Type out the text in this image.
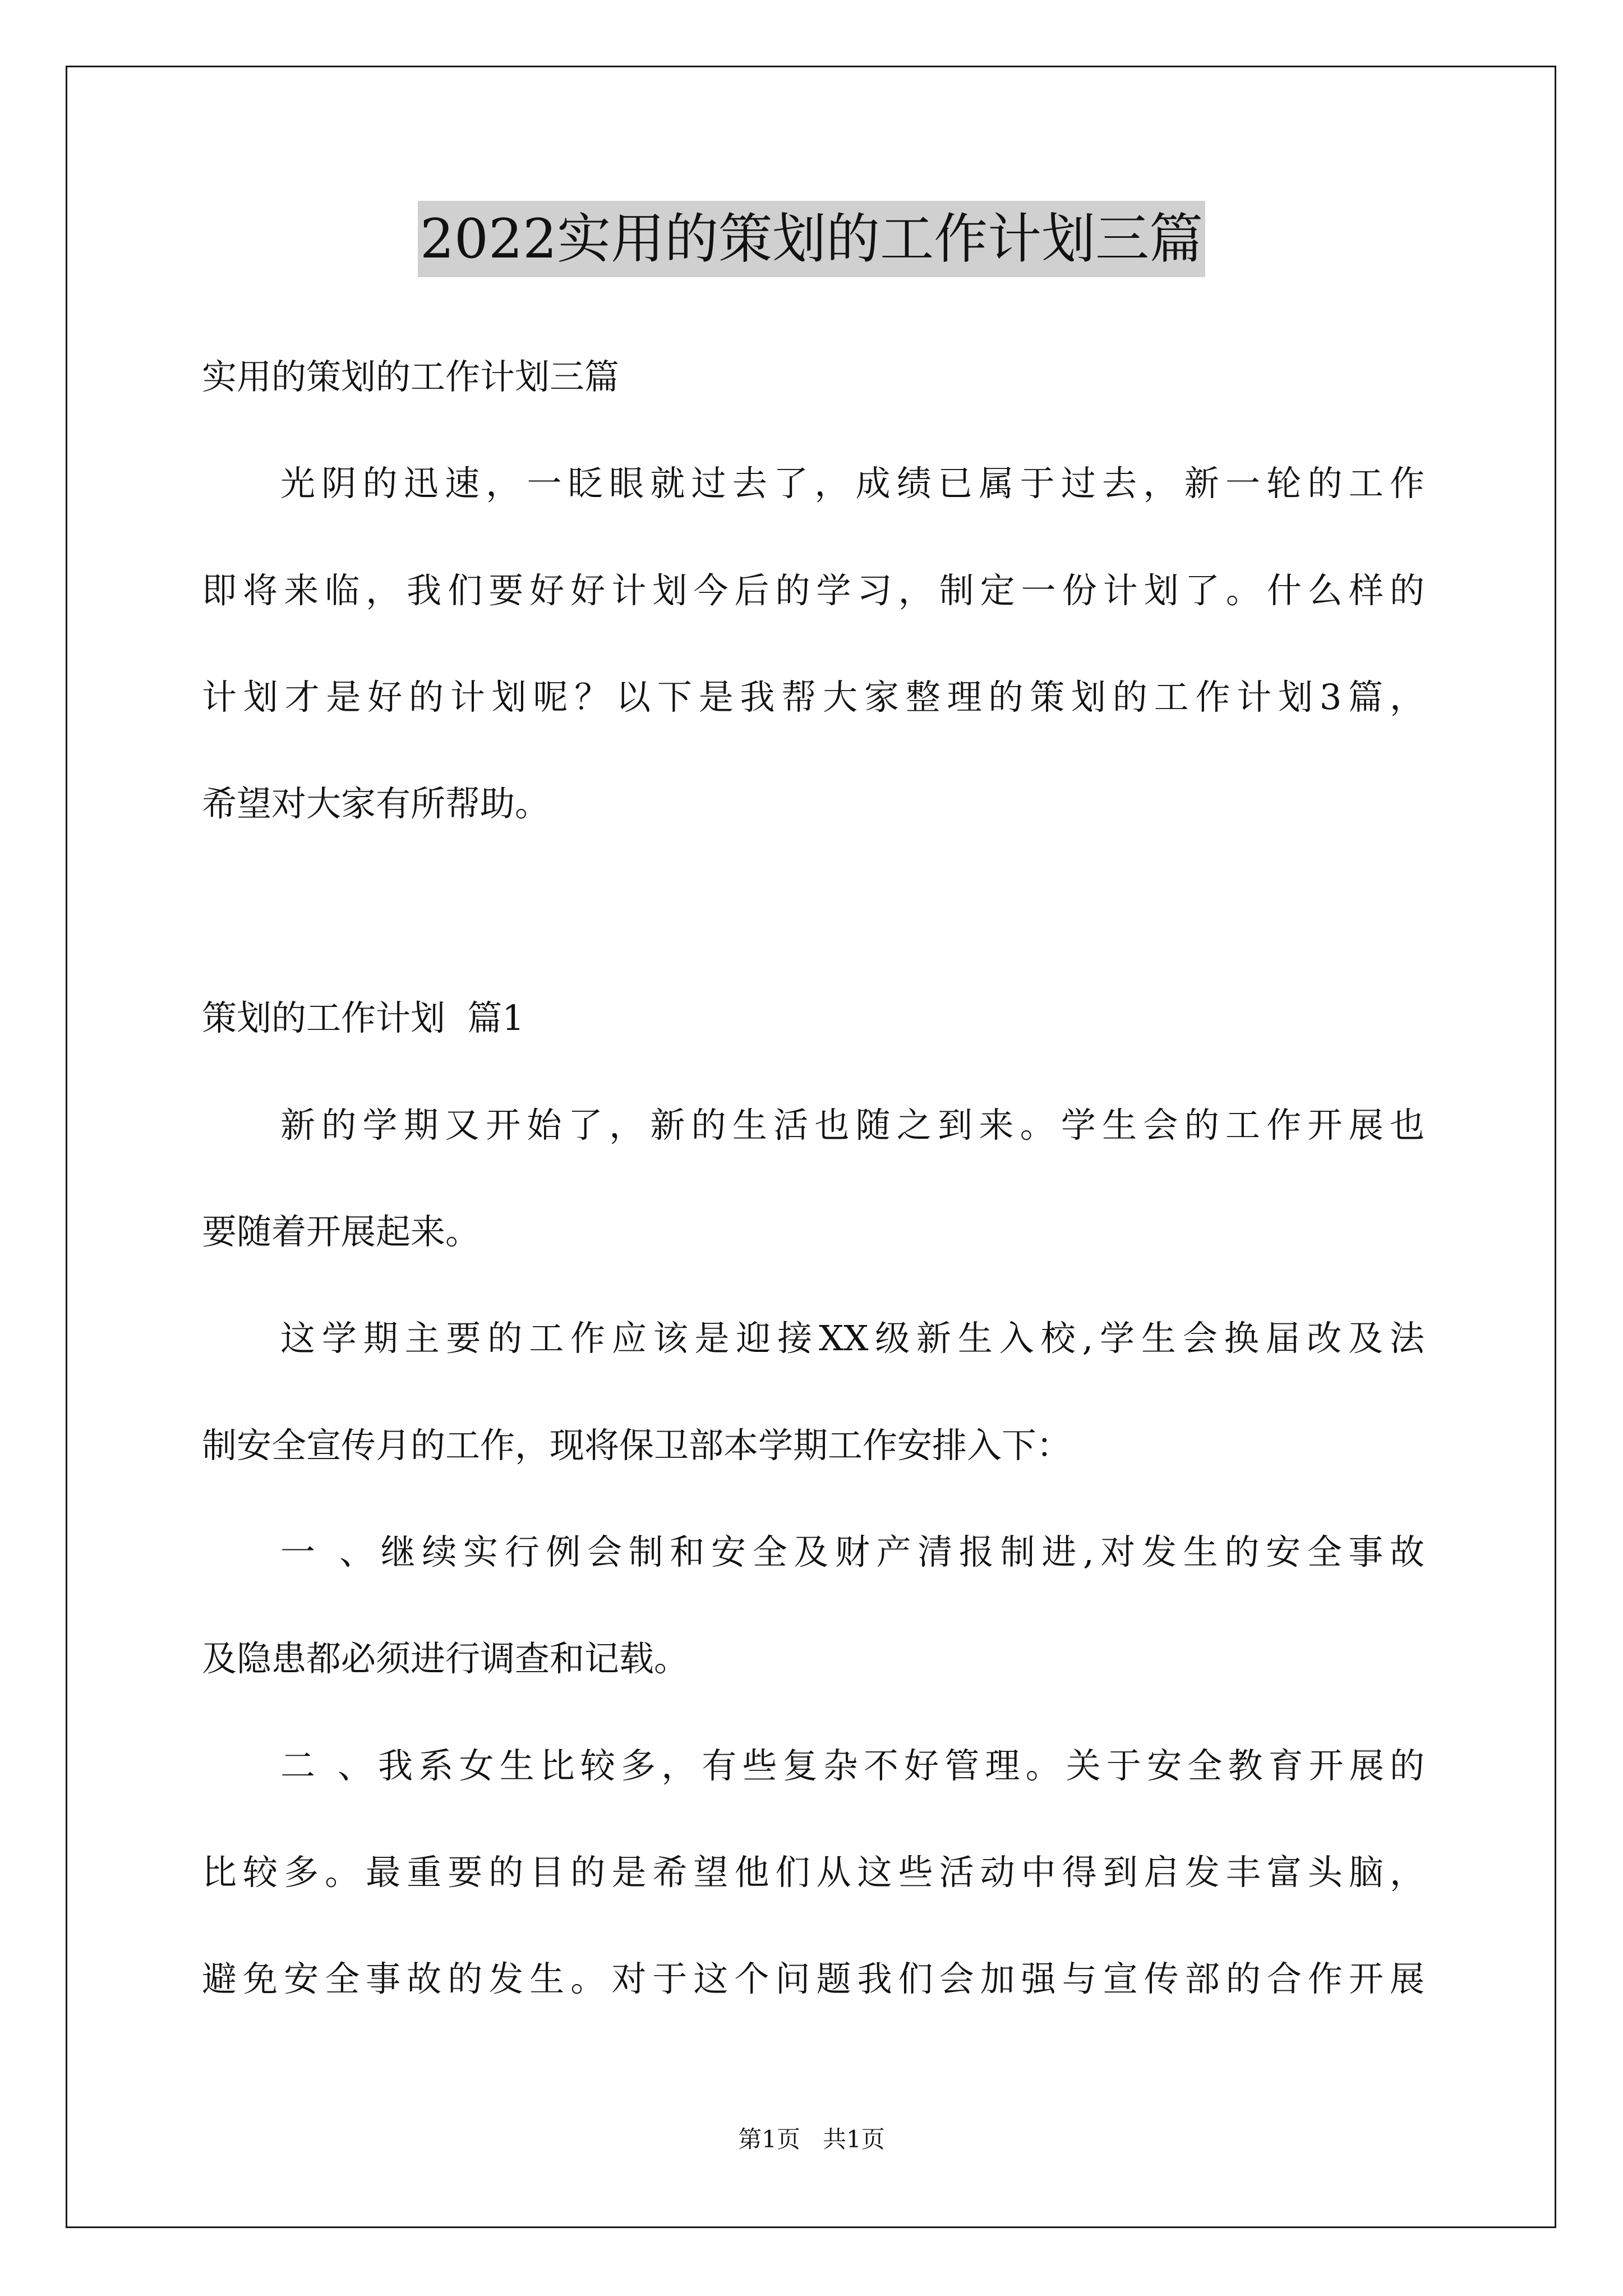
2022实用的策划的工作计划三篇
实用的策划的工作计划三篇
光阴的迅速，一眨眼就过去了，成绩已属于过去，新一轮的工作
即将来临，我们要好好计划今后的学习，制定一份计划了。什么样的
计划才是好的计划呢？以下是我帮大家整理的策划的工作计划3篇，
希望对大家有所帮助。
策划的工作计划  篇1
新的学期又开始了，新的生活也随之到来。学生会的工作开展也
要随着开展起来。
这学期主要的工作应该是迎接XX级新生入校,学生会换届改及法
制安全宣传月的工作，现将保卫部本学期工作安排入下：
一 、继续实行例会制和安全及财产清报制进,对发生的安全事故
及隐患都必须进行调查和记载。
二 、我系女生比较多，有些复杂不好管理。关于安全教育开展的
比较多。最重要的目的是希望他们从这些活动中得到启发丰富头脑，
避免安全事故的发生。对于这个问题我们会加强与宣传部的合作开展
第1页   共1页
